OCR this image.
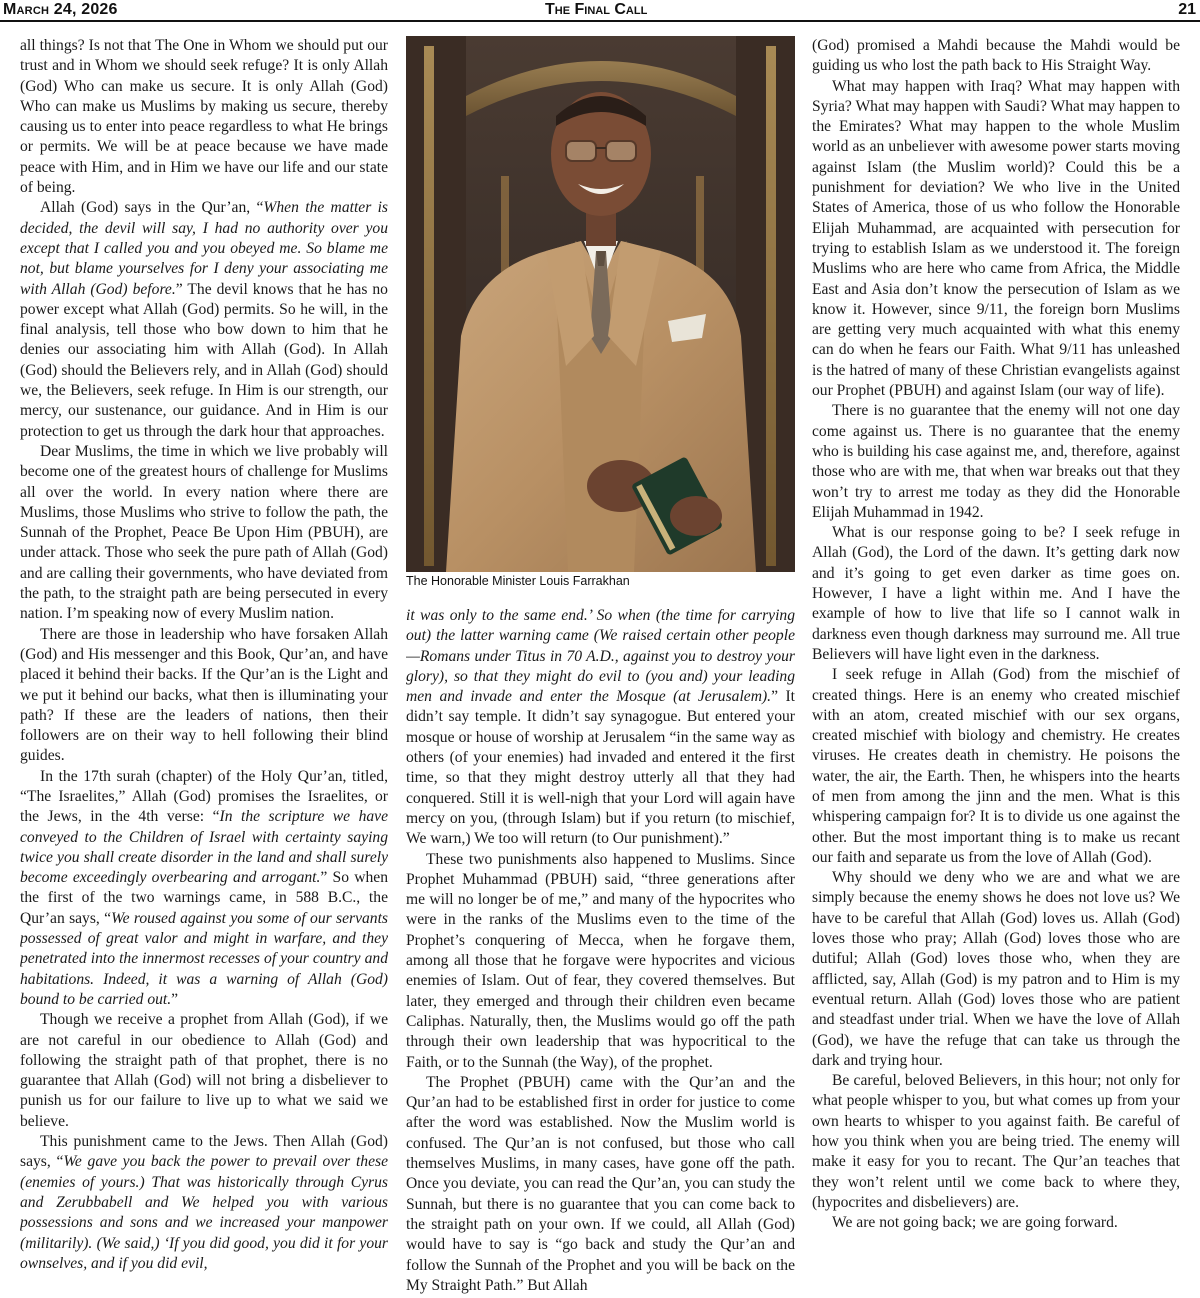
March 24, 2026	The Final Call	21

all things? Is not that The One in Whom we should put our trust and in Whom we should seek refuge? It is only Allah (God) Who can make us secure. It is only Allah (God) Who can make us Muslims by making us secure, thereby causing us to enter into peace regardless to what He brings or permits. We will be at peace because we have made peace with Him, and in Him we have our life and our state of being.

Allah (God) says in the Qur’an, “When the matter is decided, the devil will say, I had no authority over you except that I called you and you obeyed me. So blame me not, but blame yourselves for I deny your associating me with Allah (God) before.” The devil knows that he has no power except what Allah (God) permits. So he will, in the final analysis, tell those who bow down to him that he denies our associating him with Allah (God). In Allah (God) should the Believers rely, and in Allah (God) should we, the Believers, seek refuge. In Him is our strength, our mercy, our sustenance, our guidance. And in Him is our protection to get us through the dark hour that approaches.

Dear Muslims, the time in which we live probably will become one of the greatest hours of challenge for Muslims all over the world. In every nation where there are Muslims, those Muslims who strive to follow the path, the Sunnah of the Prophet, Peace Be Upon Him (PBUH), are under attack. Those who seek the pure path of Allah (God) and are calling their governments, who have deviated from the path, to the straight path are being persecuted in every nation. I’m speaking now of every Muslim nation.

There are those in leadership who have forsaken Allah (God) and His messenger and this Book, Qur’an, and have placed it behind their backs. If the Qur’an is the Light and we put it behind our backs, what then is illuminating your path? If these are the leaders of nations, then their followers are on their way to hell following their blind guides.

In the 17th surah (chapter) of the Holy Qur’an, titled, “The Israelites,” Allah (God) promises the Israelites, or the Jews, in the 4th verse: “In the scripture we have conveyed to the Children of Israel with certainty saying twice you shall create disorder in the land and shall surely become exceedingly overbearing and arrogant.” So when the first of the two warnings came, in 588 B.C., the Qur’an says, “We roused against you some of our servants possessed of great valor and might in warfare, and they penetrated into the innermost recesses of your country and habitations. Indeed, it was a warning of Allah (God) bound to be carried out.”

Though we receive a prophet from Allah (God), if we are not careful in our obedience to Allah (God) and following the straight path of that prophet, there is no guarantee that Allah (God) will not bring a disbeliever to punish us for our failure to live up to what we said we believe.

This punishment came to the Jews. Then Allah (God) says, “We gave you back the power to prevail over these (enemies of yours.) That was historically through Cyrus and Zerubbabell and We helped you with various possessions and sons and we increased your manpower (militarily). (We said,) ‘If you did good, you did it for your ownselves, and if you did evil,

The Honorable Minister Louis Farrakhan

it was only to the same end.’ So when (the time for carrying out) the latter warning came (We raised certain other people—Romans under Titus in 70 A.D., against you to destroy your glory), so that they might do evil to (you and) your leading men and invade and enter the Mosque (at Jerusalem).” It didn’t say temple. It didn’t say synagogue. But entered your mosque or house of worship at Jerusalem “in the same way as others (of your enemies) had invaded and entered it the first time, so that they might destroy utterly all that they had conquered. Still it is well-nigh that your Lord will again have mercy on you, (through Islam) but if you return (to mischief, We warn,) We too will return (to Our punishment).”

These two punishments also happened to Muslims. Since Prophet Muhammad (PBUH) said, “three generations after me will no longer be of me,” and many of the hypocrites who were in the ranks of the Muslims even to the time of the Prophet’s conquering of Mecca, when he forgave them, among all those that he forgave were hypocrites and vicious enemies of Islam. Out of fear, they covered themselves. But later, they emerged and through their children even became Caliphas. Naturally, then, the Muslims would go off the path through their own leadership that was hypocritical to the Faith, or to the Sunnah (the Way), of the prophet.

The Prophet (PBUH) came with the Qur’an and the Qur’an had to be established first in order for justice to come after the word was established. Now the Muslim world is confused. The Qur’an is not confused, but those who call themselves Muslims, in many cases, have gone off the path. Once you deviate, you can read the Qur’an, you can study the Sunnah, but there is no guarantee that you can come back to the straight path on your own. If we could, all Allah (God) would have to say is “go back and study the Qur’an and follow the Sunnah of the Prophet and you will be back on the My Straight Path.” But Allah

(God) promised a Mahdi because the Mahdi would be guiding us who lost the path back to His Straight Way.

What may happen with Iraq? What may happen with Syria? What may happen with Saudi? What may happen to the Emirates? What may happen to the whole Muslim world as an unbeliever with awesome power starts moving against Islam (the Muslim world)? Could this be a punishment for deviation? We who live in the United States of America, those of us who follow the Honorable Elijah Muhammad, are acquainted with persecution for trying to establish Islam as we understood it. The foreign Muslims who are here who came from Africa, the Middle East and Asia don’t know the persecution of Islam as we know it. However, since 9/11, the foreign born Muslims are getting very much acquainted with what this enemy can do when he fears our Faith. What 9/11 has unleashed is the hatred of many of these Christian evangelists against our Prophet (PBUH) and against Islam (our way of life).

There is no guarantee that the enemy will not one day come against us. There is no guarantee that the enemy who is building his case against me, and, therefore, against those who are with me, that when war breaks out that they won’t try to arrest me today as they did the Honorable Elijah Muhammad in 1942.

What is our response going to be? I seek refuge in Allah (God), the Lord of the dawn. It’s getting dark now and it’s going to get even darker as time goes on. However, I have a light within me. And I have the example of how to live that life so I cannot walk in darkness even though darkness may surround me. All true Believers will have light even in the darkness.

I seek refuge in Allah (God) from the mischief of created things. Here is an enemy who created mischief with an atom, created mischief with our sex organs, created mischief with biology and chemistry. He creates viruses. He creates death in chemistry. He poisons the water, the air, the Earth. Then, he whispers into the hearts of men from among the jinn and the men. What is this whispering campaign for? It is to divide us one against the other. But the most important thing is to make us recant our faith and separate us from the love of Allah (God).

Why should we deny who we are and what we are simply because the enemy shows he does not love us? We have to be careful that Allah (God) loves us. Allah (God) loves those who pray; Allah (God) loves those who are dutiful; Allah (God) loves those who, when they are afflicted, say, Allah (God) is my patron and to Him is my eventual return. Allah (God) loves those who are patient and steadfast under trial. When we have the love of Allah (God), we have the refuge that can take us through the dark and trying hour.

Be careful, beloved Believers, in this hour; not only for what people whisper to you, but what comes up from your own hearts to whisper to you against faith. Be careful of how you think when you are being tried. The enemy will make it easy for you to recant. The Qur’an teaches that they won’t relent until we come back to where they, (hypocrites and disbelievers) are.

We are not going back; we are going forward.
